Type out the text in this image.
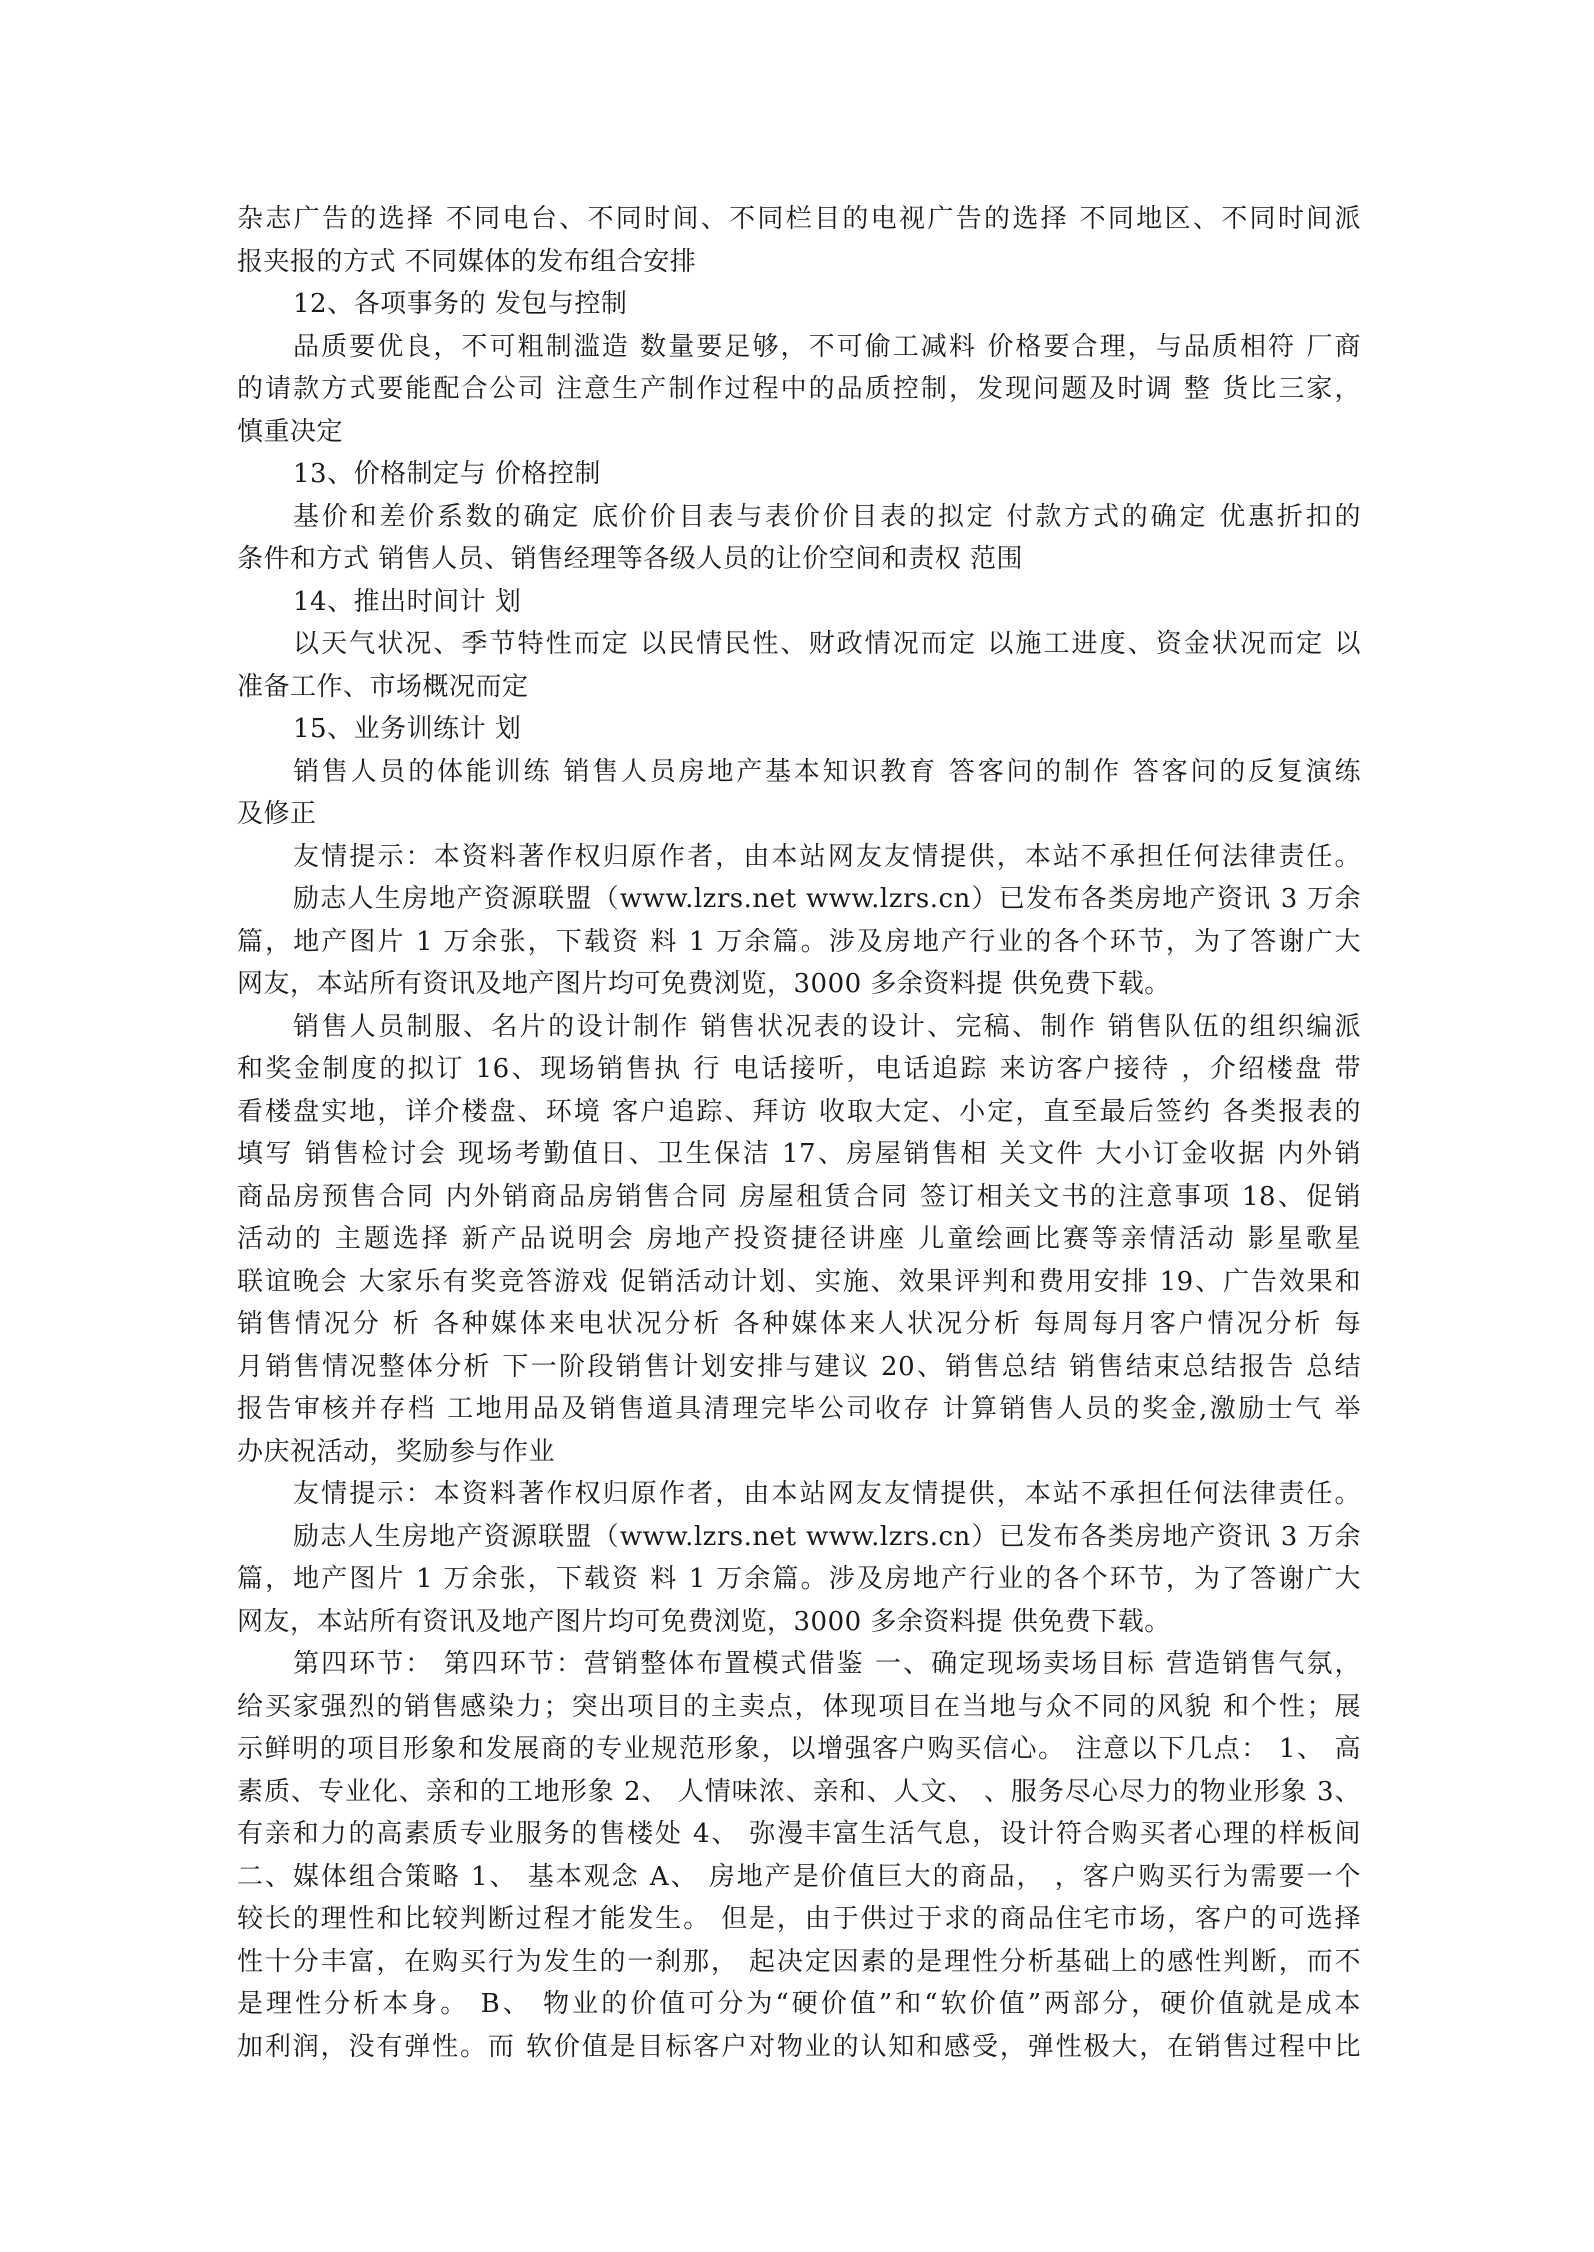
杂志广告的选择 不同电台、不同时间、不同栏目的电视广告的选择 不同地区、不同时间派
报夹报的方式 不同媒体的发布组合安排
12、各项事务的 发包与控制
品质要优良，不可粗制滥造 数量要足够，不可偷工减料 价格要合理，与品质相符 厂商
的请款方式要能配合公司 注意生产制作过程中的品质控制，发现问题及时调 整 货比三家，
慎重决定
13、价格制定与 价格控制
基价和差价系数的确定 底价价目表与表价价目表的拟定 付款方式的确定 优惠折扣的
条件和方式 销售人员、销售经理等各级人员的让价空间和责权 范围
14、推出时间计 划
以天气状况、季节特性而定 以民情民性、财政情况而定 以施工进度、资金状况而定 以
准备工作、市场概况而定
15、业务训练计 划
销售人员的体能训练 销售人员房地产基本知识教育 答客问的制作 答客问的反复演练
及修正
友情提示：本资料著作权归原作者，由本站网友友情提供，本站不承担任何法律责任。
励志人生房地产资源联盟（www.lzrs.net www.lzrs.cn）已发布各类房地产资讯 3 万余
篇，地产图片 1 万余张，下载资 料 1 万余篇。涉及房地产行业的各个环节，为了答谢广大
网友，本站所有资讯及地产图片均可免费浏览，3000 多余资料提 供免费下载。
销售人员制服、名片的设计制作 销售状况表的设计、完稿、制作 销售队伍的组织编派
和奖金制度的拟订 16、现场销售执 行 电话接听，电话追踪 来访客户接待 ，介绍楼盘 带
看楼盘实地，详介楼盘、环境 客户追踪、拜访 收取大定、小定，直至最后签约 各类报表的
填写 销售检讨会 现场考勤值日、卫生保洁 17、房屋销售相 关文件 大小订金收据 内外销
商品房预售合同 内外销商品房销售合同 房屋租赁合同 签订相关文书的注意事项 18、促销
活动的 主题选择 新产品说明会 房地产投资捷径讲座 儿童绘画比赛等亲情活动 影星歌星
联谊晚会 大家乐有奖竞答游戏 促销活动计划、实施、效果评判和费用安排 19、广告效果和
销售情况分 析 各种媒体来电状况分析 各种媒体来人状况分析 每周每月客户情况分析 每
月销售情况整体分析 下一阶段销售计划安排与建议 20、销售总结 销售结束总结报告 总结
报告审核并存档 工地用品及销售道具清理完毕公司收存 计算销售人员的奖金,激励士气 举
办庆祝活动，奖励参与作业
友情提示：本资料著作权归原作者，由本站网友友情提供，本站不承担任何法律责任。
励志人生房地产资源联盟（www.lzrs.net www.lzrs.cn）已发布各类房地产资讯 3 万余
篇，地产图片 1 万余张，下载资 料 1 万余篇。涉及房地产行业的各个环节，为了答谢广大
网友，本站所有资讯及地产图片均可免费浏览，3000 多余资料提 供免费下载。
第四环节： 第四环节：营销整体布置模式借鉴 一、确定现场卖场目标 营造销售气氛，
给买家强烈的销售感染力；突出项目的主卖点，体现项目在当地与众不同的风貌 和个性；展
示鲜明的项目形象和发展商的专业规范形象，以增强客户购买信心。 注意以下几点： 1、 高
素质、专业化、亲和的工地形象 2、 人情味浓、亲和、人文、 、服务尽心尽力的物业形象 3、
有亲和力的高素质专业服务的售楼处 4、 弥漫丰富生活气息，设计符合购买者心理的样板间
二、媒体组合策略 1、 基本观念 A、 房地产是价值巨大的商品， ，客户购买行为需要一个
较长的理性和比较判断过程才能发生。 但是，由于供过于求的商品住宅市场，客户的可选择
性十分丰富，在购买行为发生的一刹那， 起决定因素的是理性分析基础上的感性判断，而不
是理性分析本身。 B、 物业的价值可分为“硬价值”和“软价值”两部分，硬价值就是成本
加利润，没有弹性。而 软价值是目标客户对物业的认知和感受，弹性极大，在销售过程中比
